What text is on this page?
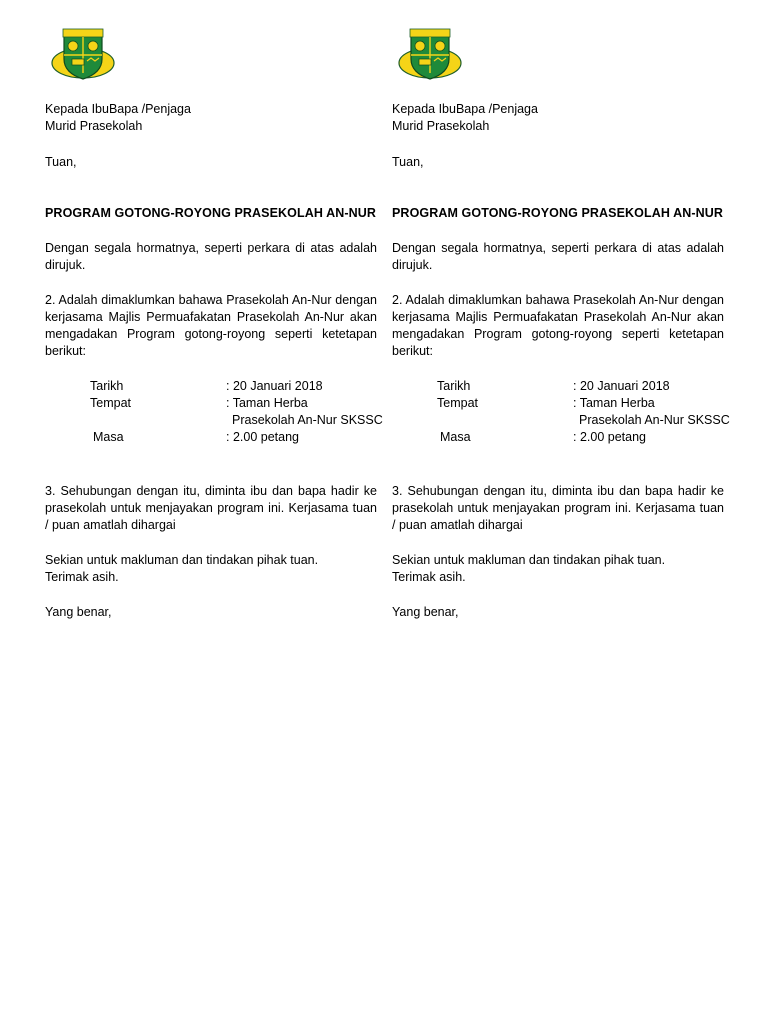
Kepada IbuBapa /Penjaga
Murid Prasekolah
Tuan,
PROGRAM GOTONG-ROYONG PRASEKOLAH AN-NUR
Dengan segala hormatnya, seperti perkara di atas adalah dirujuk.
2. Adalah dimaklumkan bahawa Prasekolah An-Nur dengan kerjasama Majlis Permuafakatan Prasekolah An-Nur akan mengadakan Program gotong-royong seperti ketetapan berikut:
Tarikh	: 20 Januari 2018
Tempat	: Taman Herba
Prasekolah An-Nur SKSSC
Masa	: 2.00 petang
3. Sehubungan dengan itu, diminta ibu dan bapa hadir ke prasekolah untuk menjayakan program ini. Kerjasama tuan / puan amatlah dihargai
Sekian untuk makluman dan tindakan pihak tuan.
Terimak asih.
Yang benar,
Kepada IbuBapa /Penjaga
Murid Prasekolah
Tuan,
PROGRAM GOTONG-ROYONG PRASEKOLAH AN-NUR
Dengan segala hormatnya, seperti perkara di atas adalah dirujuk.
2. Adalah dimaklumkan bahawa Prasekolah An-Nur dengan kerjasama Majlis Permuafakatan Prasekolah An-Nur akan mengadakan Program gotong-royong seperti ketetapan berikut:
Tarikh	: 20 Januari 2018
Tempat	: Taman Herba
Prasekolah An-Nur SKSSC
Masa	: 2.00 petang
3. Sehubungan dengan itu, diminta ibu dan bapa hadir ke prasekolah untuk menjayakan program ini. Kerjasama tuan / puan amatlah dihargai
Sekian untuk makluman dan tindakan pihak tuan.
Terimak asih.
Yang benar,
